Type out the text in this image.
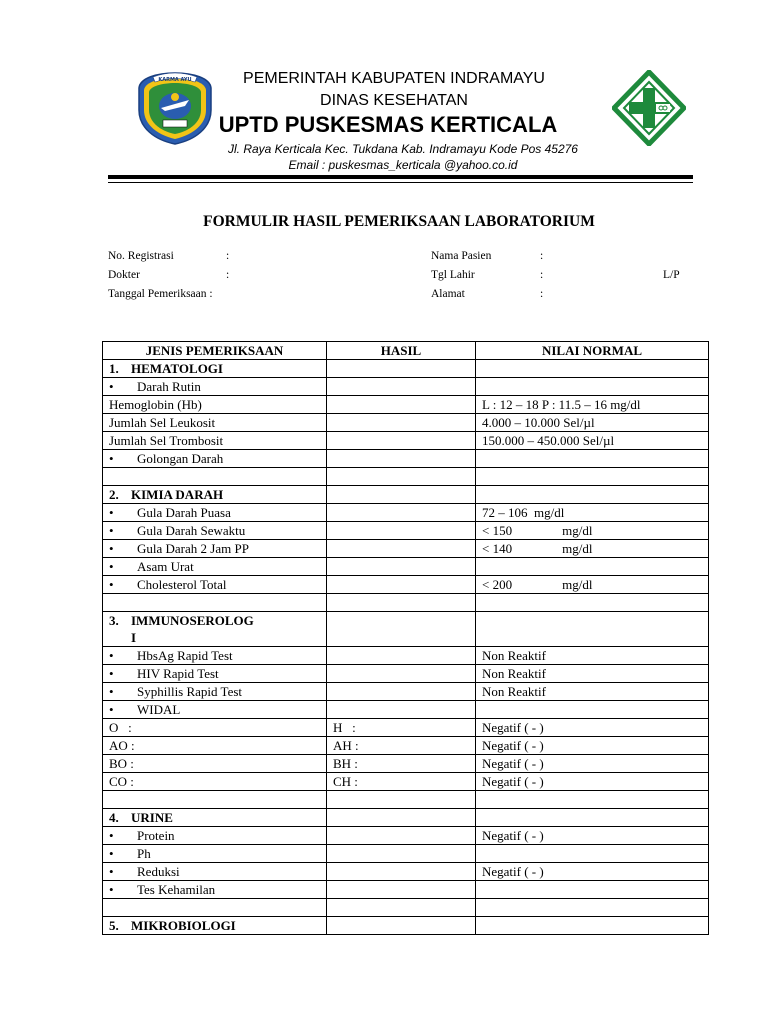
KARMA AYU	PEMERINTAH KABUPATEN INDRAMAYU
DINAS KESEHATAN
UPTD PUSKESMAS KERTICALA
Jl. Raya Kerticala Kec. Tukdana Kab. Indramayu Kode Pos 45276
Email : puskesmas_kerticala @yahoo.co.id
FORMULIR HASIL PEMERIKSAAN LABORATORIUM
No. Registrasi	:
Dokter	:
Tanggal Pemeriksaan :
Nama Pasien	:
Tgl Lahir	:	L/P
Alamat	:
JENIS PEMERIKSAAN	HASIL	NILAI NORMAL
1. HEMATOLOGI		
• Darah Rutin		
Hemoglobin (Hb)		L : 12 – 18 P : 11.5 – 16 mg/dl
Jumlah Sel Leukosit		4.000 – 10.000 Sel/µl
Jumlah Sel Trombosit		150.000 – 450.000 Sel/µl
• Golongan Darah		

2. KIMIA DARAH		
• Gula Darah Puasa		72 – 106  mg/dl
• Gula Darah Sewaktu		< 150 mg/dl
• Gula Darah 2 Jam PP		< 140 mg/dl
• Asam Urat		
• Cholesterol Total		< 200 mg/dl

3. IMMUNOSEROLOG
I		
• HbsAg Rapid Test		Non Reaktif
• HIV Rapid Test		Non Reaktif
• Syphillis Rapid Test		Non Reaktif
• WIDAL		
O   :	H   :	Negatif ( - )
AO :	AH :	Negatif ( - )
BO :	BH :	Negatif ( - )
CO :	CH :	Negatif ( - )

4. URINE		
• Protein		Negatif ( - )
• Ph		
• Reduksi		Negatif ( - )
• Tes Kehamilan		

5. MIKROBIOLOGI		
